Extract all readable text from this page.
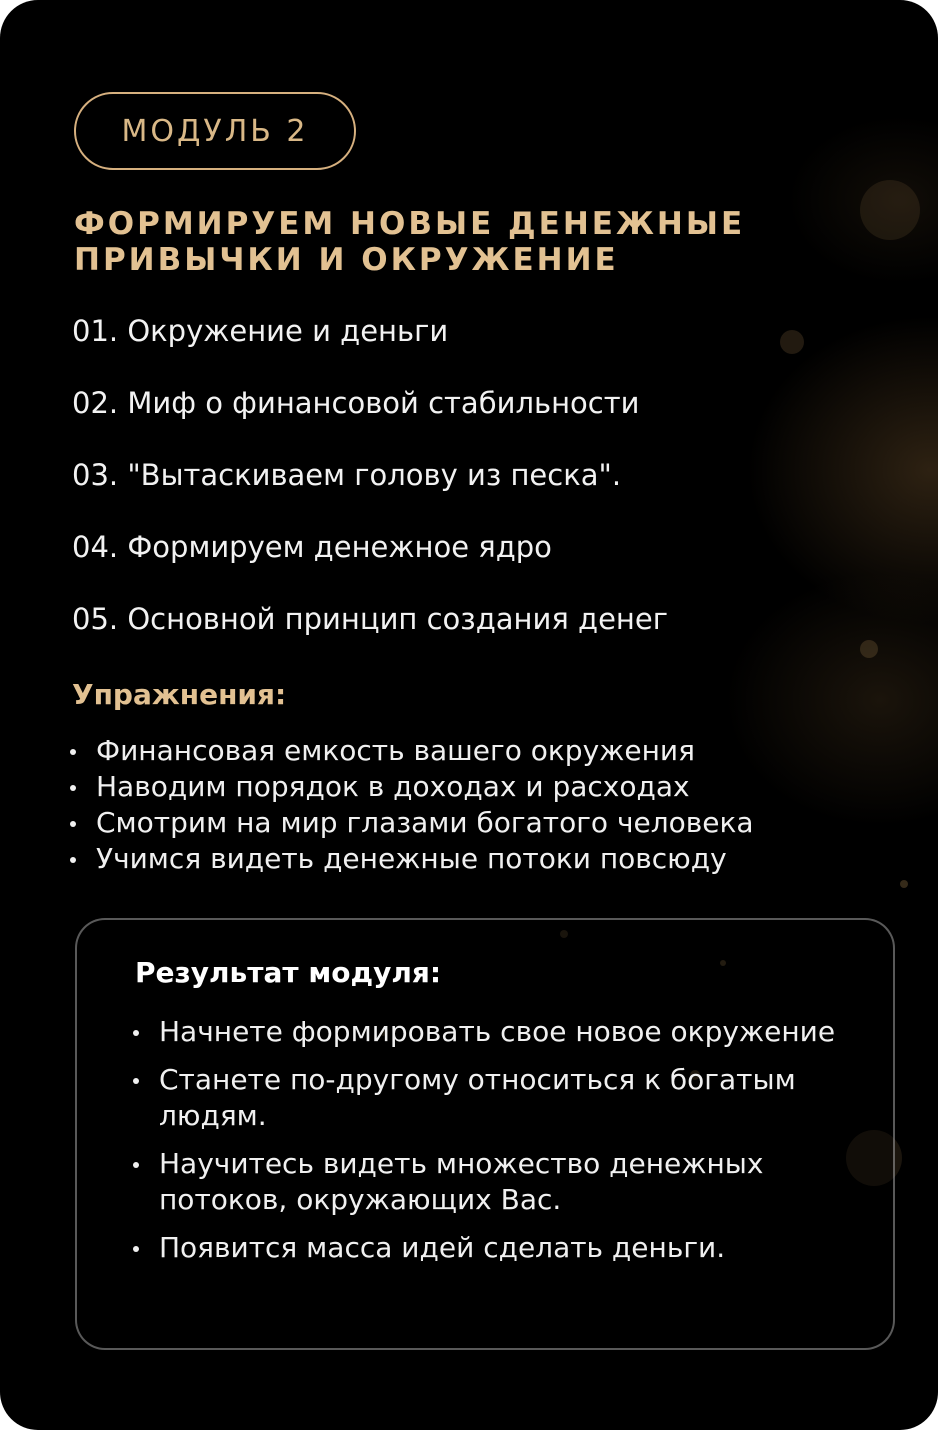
МОДУЛЬ 2
ФОРМИРУЕМ НОВЫЕ ДЕНЕЖНЫЕ
ПРИВЫЧКИ И ОКРУЖЕНИЕ
01. Окружение и деньги
02. Миф о финансовой стабильности
03. "Вытаскиваем голову из песка".
04. Формируем денежное ядро
05. Основной принцип создания денег
Упражнения:
Финансовая емкость вашего окружения
Наводим порядок в доходах и расходах
Смотрим на мир глазами богатого человека
Учимся видеть денежные потоки повсюду
Результат модуля:
Начнете формировать свое новое окружение
Станете по-другому относиться к богатым людям.
Научитесь видеть множество денежных потоков, окружающих Вас.
Появится масса идей сделать деньги.
